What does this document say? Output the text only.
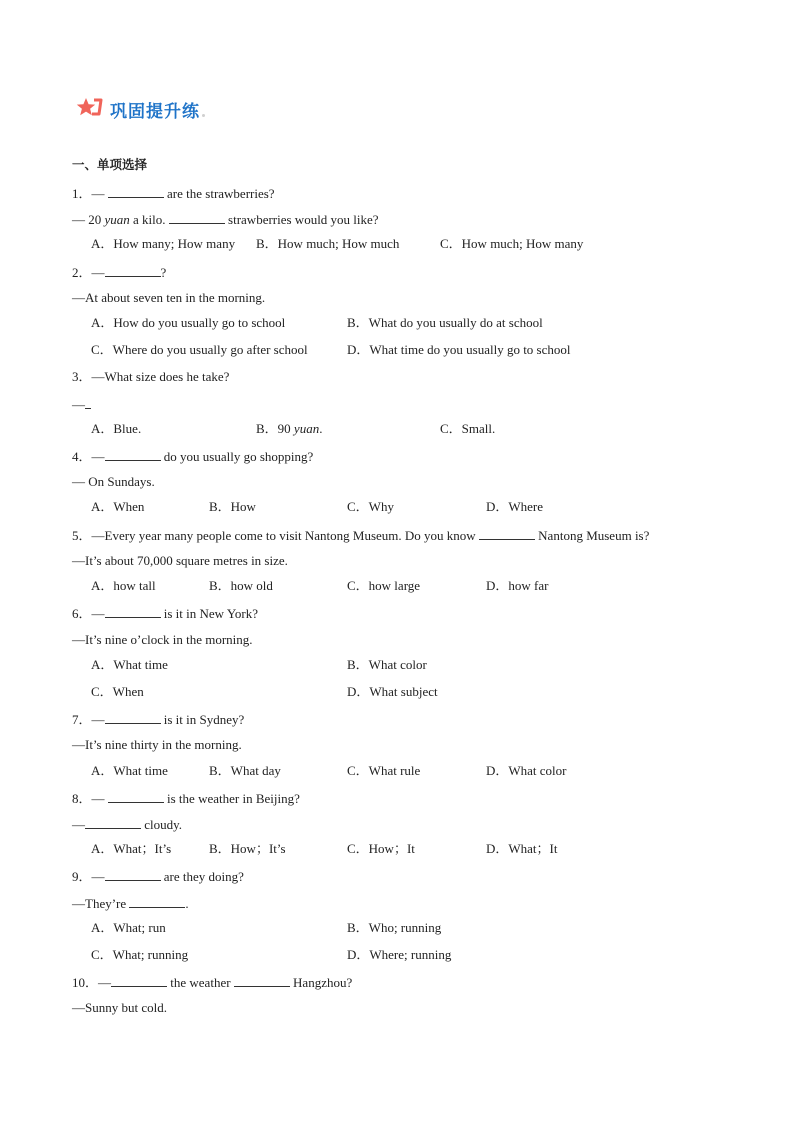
巩固提升练
一、单项选择
1．—	are the strawberries?
— 20 yuan a kilo.	strawberries would you like?
A．How many; How many B．How much; How much	C．How much; How many
2．—	?
—At about seven ten in the morning.
A．How do you usually go to school	B．What do you usually do at school
C．Where do you usually go after school	D．What time do you usually go to school
3．—What size does he take?
—
A．Blue.	B．90 yuan.	C．Small.
4．—	do you usually go shopping?
— On Sundays.
A．When	B．How	C．Why	D．Where
5．—Every year many people come to visit Nantong Museum. Do you know	Nantong Museum is?
—It’s about 70,000 square metres in size.
A．how tall	B．how old	C．how large	D．how far
6．—	is it in New York?
—It’s nine o’clock in the morning.
A．What time	B．What color
C．When	D．What subject
7．—	is it in Sydney?
—It’s nine thirty in the morning.
A．What time	B．What day	C．What rule	D．What color
8．—	is the weather in Beijing?
—	cloudy.
A．What；It’s	B．How；It’s	C．How；It	D．What；It
9．—	are they doing?
—They’re	.
A．What; run	B．Who; running
C．What; running	D．Where; running
10．—	the weather	Hangzhou?
—Sunny but cold.
